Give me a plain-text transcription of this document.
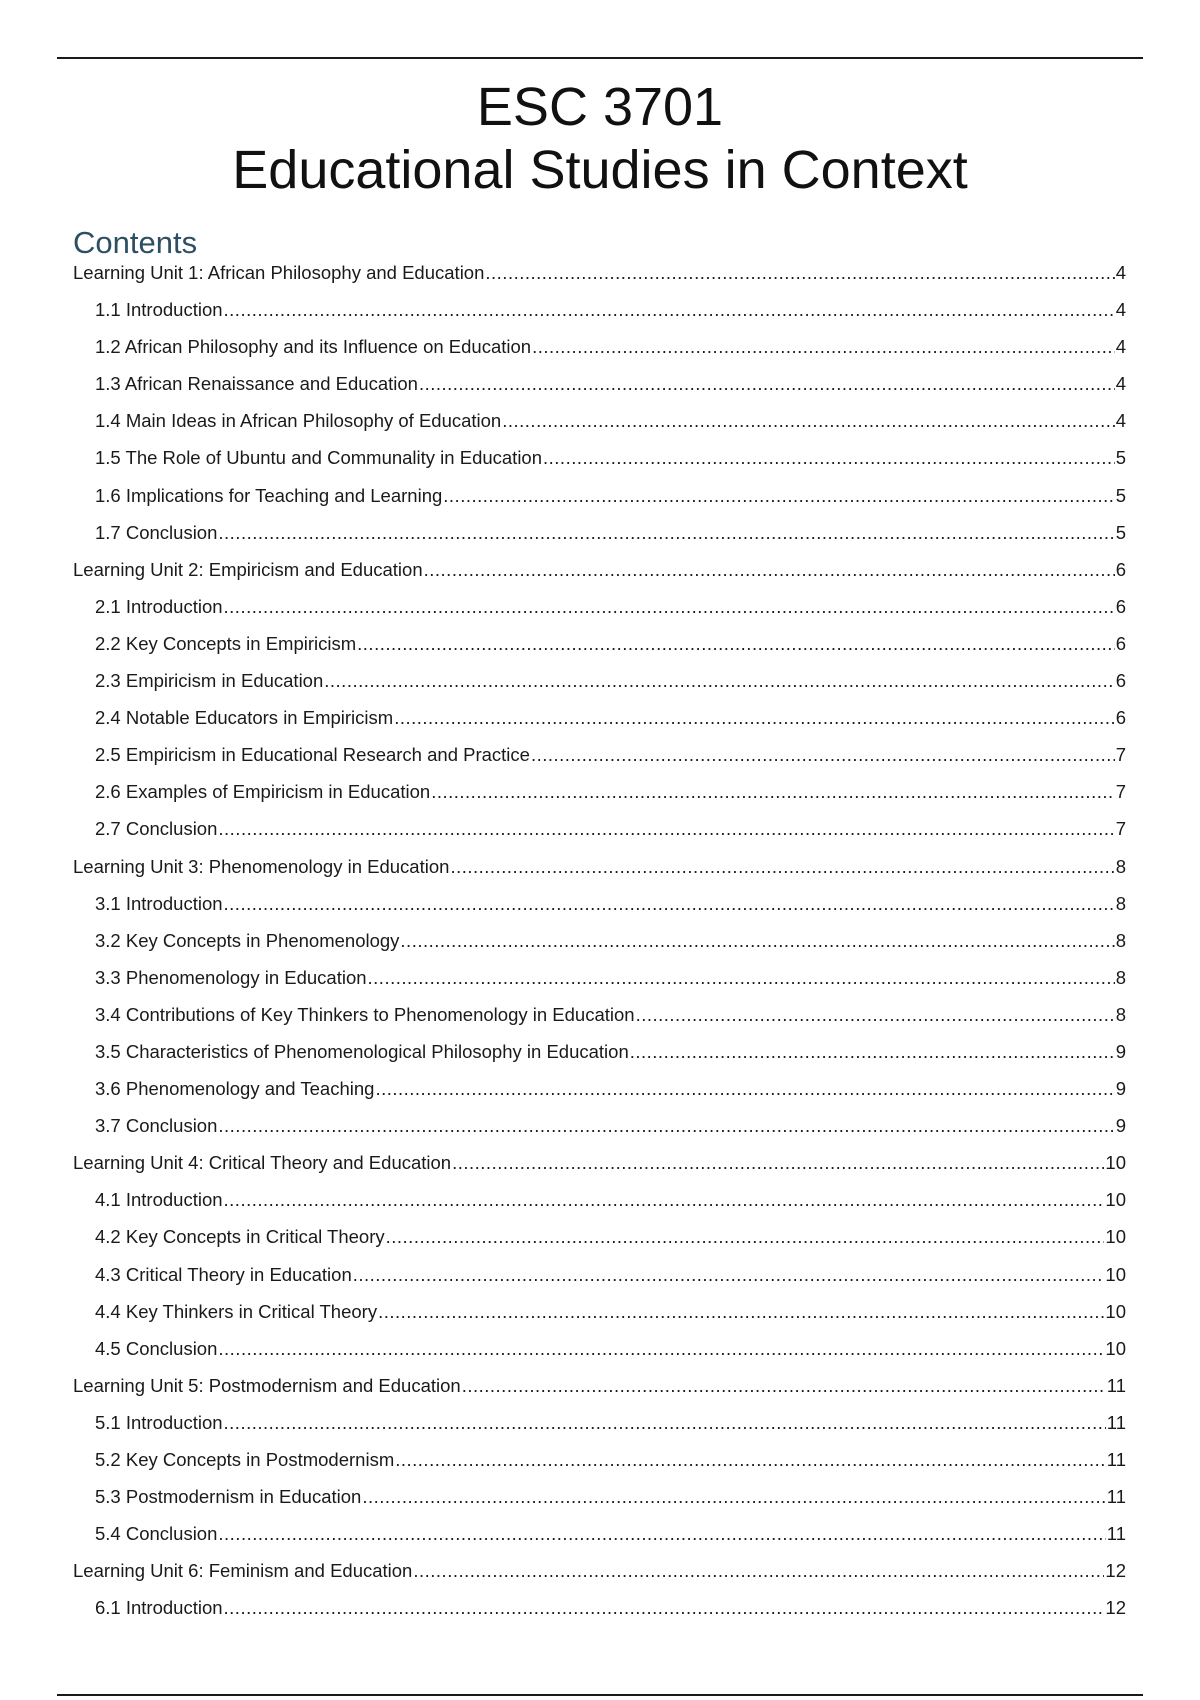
ESC 3701
Educational Studies in Context
Contents
Learning Unit 1: African Philosophy and Education .....	4
1.1 Introduction .....	4
1.2 African Philosophy and its Influence on Education .....	4
1.3 African Renaissance and Education .....	4
1.4 Main Ideas in African Philosophy of Education .....	4
1.5 The Role of Ubuntu and Communality in Education .....	5
1.6 Implications for Teaching and Learning .....	5
1.7 Conclusion .....	5
Learning Unit 2: Empiricism and Education .....	6
2.1 Introduction .....	6
2.2 Key Concepts in Empiricism .....	6
2.3 Empiricism in Education .....	6
2.4 Notable Educators in Empiricism .....	6
2.5 Empiricism in Educational Research and Practice .....	7
2.6 Examples of Empiricism in Education .....	7
2.7 Conclusion .....	7
Learning Unit 3: Phenomenology in Education .....	8
3.1 Introduction .....	8
3.2 Key Concepts in Phenomenology .....	8
3.3 Phenomenology in Education .....	8
3.4 Contributions of Key Thinkers to Phenomenology in Education .....	8
3.5 Characteristics of Phenomenological Philosophy in Education .....	9
3.6 Phenomenology and Teaching .....	9
3.7 Conclusion .....	9
Learning Unit 4: Critical Theory and Education .....	10
4.1 Introduction .....	10
4.2 Key Concepts in Critical Theory .....	10
4.3 Critical Theory in Education .....	10
4.4 Key Thinkers in Critical Theory .....	10
4.5 Conclusion .....	10
Learning Unit 5: Postmodernism and Education .....	11
5.1 Introduction .....	11
5.2 Key Concepts in Postmodernism .....	11
5.3 Postmodernism in Education .....	11
5.4 Conclusion .....	11
Learning Unit 6: Feminism and Education .....	12
6.1 Introduction .....	12
